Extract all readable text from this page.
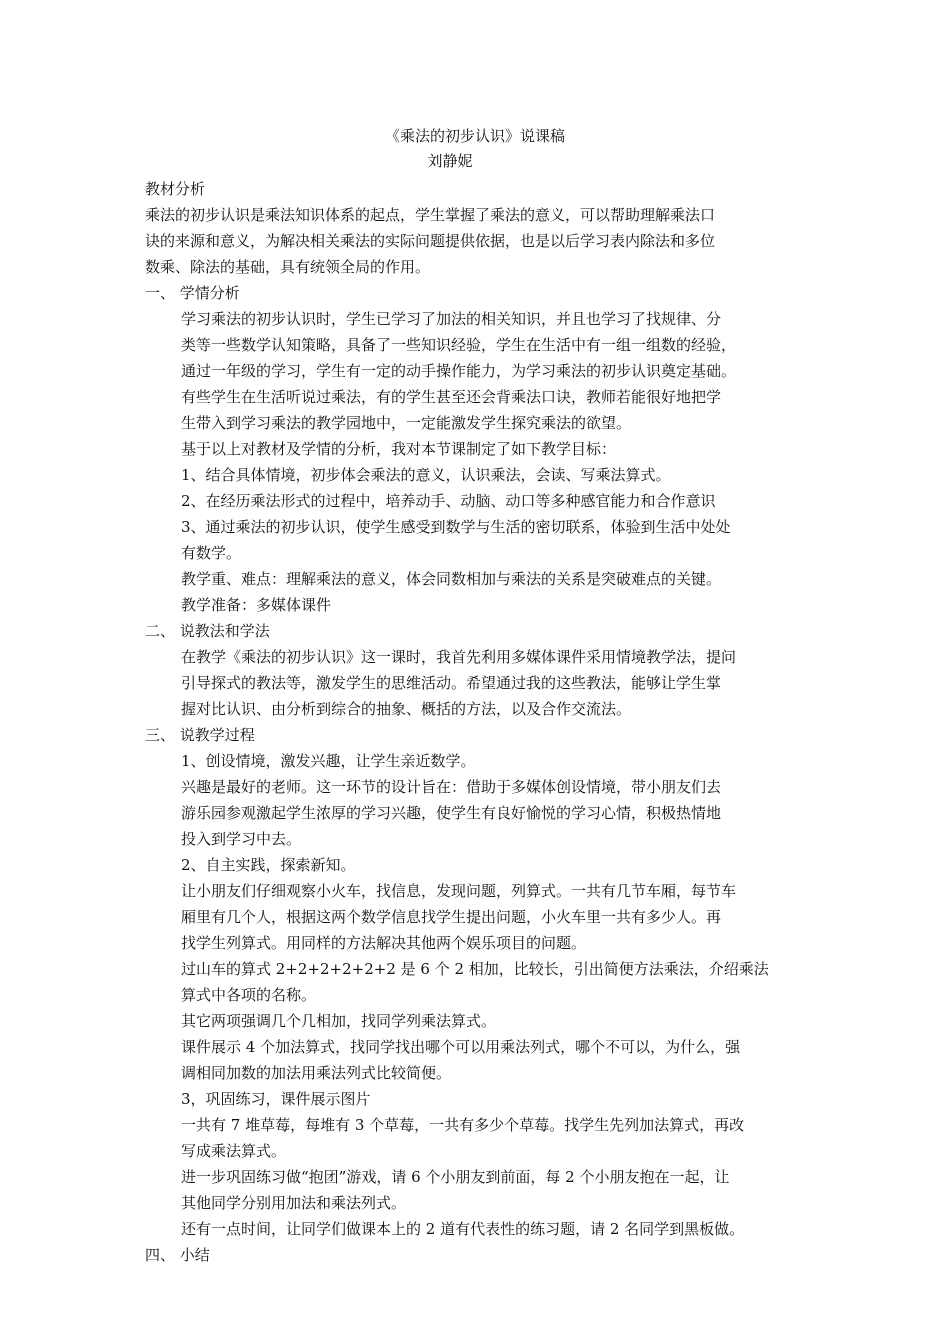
《乘法的初步认识》说课稿
刘静妮
教材分析
乘法的初步认识是乘法知识体系的起点，学生掌握了乘法的意义，可以帮助理解乘法口
诀的来源和意义，为解决相关乘法的实际问题提供依据，也是以后学习表内除法和多位
数乘、除法的基础，具有统领全局的作用。
一、 学情分析
学习乘法的初步认识时，学生已学习了加法的相关知识，并且也学习了找规律、分
类等一些数学认知策略，具备了一些知识经验，学生在生活中有一组一组数的经验，
通过一年级的学习，学生有一定的动手操作能力，为学习乘法的初步认识奠定基础。
有些学生在生活听说过乘法，有的学生甚至还会背乘法口诀，教师若能很好地把学
生带入到学习乘法的教学园地中，一定能激发学生探究乘法的欲望。
基于以上对教材及学情的分析，我对本节课制定了如下教学目标：
1、结合具体情境，初步体会乘法的意义，认识乘法，会读、写乘法算式。
2、在经历乘法形式的过程中，培养动手、动脑、动口等多种感官能力和合作意识
3、通过乘法的初步认识，使学生感受到数学与生活的密切联系，体验到生活中处处
有数学。
教学重、难点：理解乘法的意义，体会同数相加与乘法的关系是突破难点的关键。
教学准备：多媒体课件
二、 说教法和学法
在教学《乘法的初步认识》这一课时，我首先利用多媒体课件采用情境教学法，提问
引导探式的教法等，激发学生的思维活动。希望通过我的这些教法，能够让学生掌
握对比认识、由分析到综合的抽象、概括的方法，以及合作交流法。
三、 说教学过程
1、创设情境，激发兴趣，让学生亲近数学。
兴趣是最好的老师。这一环节的设计旨在：借助于多媒体创设情境，带小朋友们去
游乐园参观激起学生浓厚的学习兴趣，使学生有良好愉悦的学习心情，积极热情地
投入到学习中去。
2、自主实践，探索新知。
让小朋友们仔细观察小火车，找信息，发现问题，列算式。一共有几节车厢，每节车
厢里有几个人，根据这两个数学信息找学生提出问题，小火车里一共有多少人。再
找学生列算式。用同样的方法解决其他两个娱乐项目的问题。
过山车的算式 2+2+2+2+2+2 是 6 个 2 相加，比较长，引出简便方法乘法，介绍乘法
算式中各项的名称。
其它两项强调几个几相加，找同学列乘法算式。
课件展示 4 个加法算式，找同学找出哪个可以用乘法列式，哪个不可以，为什么，强
调相同加数的加法用乘法列式比较简便。
3，巩固练习，课件展示图片
一共有 7 堆草莓，每堆有 3 个草莓，一共有多少个草莓。找学生先列加法算式，再改
写成乘法算式。
进一步巩固练习做“抱团”游戏，请 6 个小朋友到前面，每 2 个小朋友抱在一起，让
其他同学分别用加法和乘法列式。
还有一点时间，让同学们做课本上的 2 道有代表性的练习题，请 2 名同学到黑板做。
四、 小结
